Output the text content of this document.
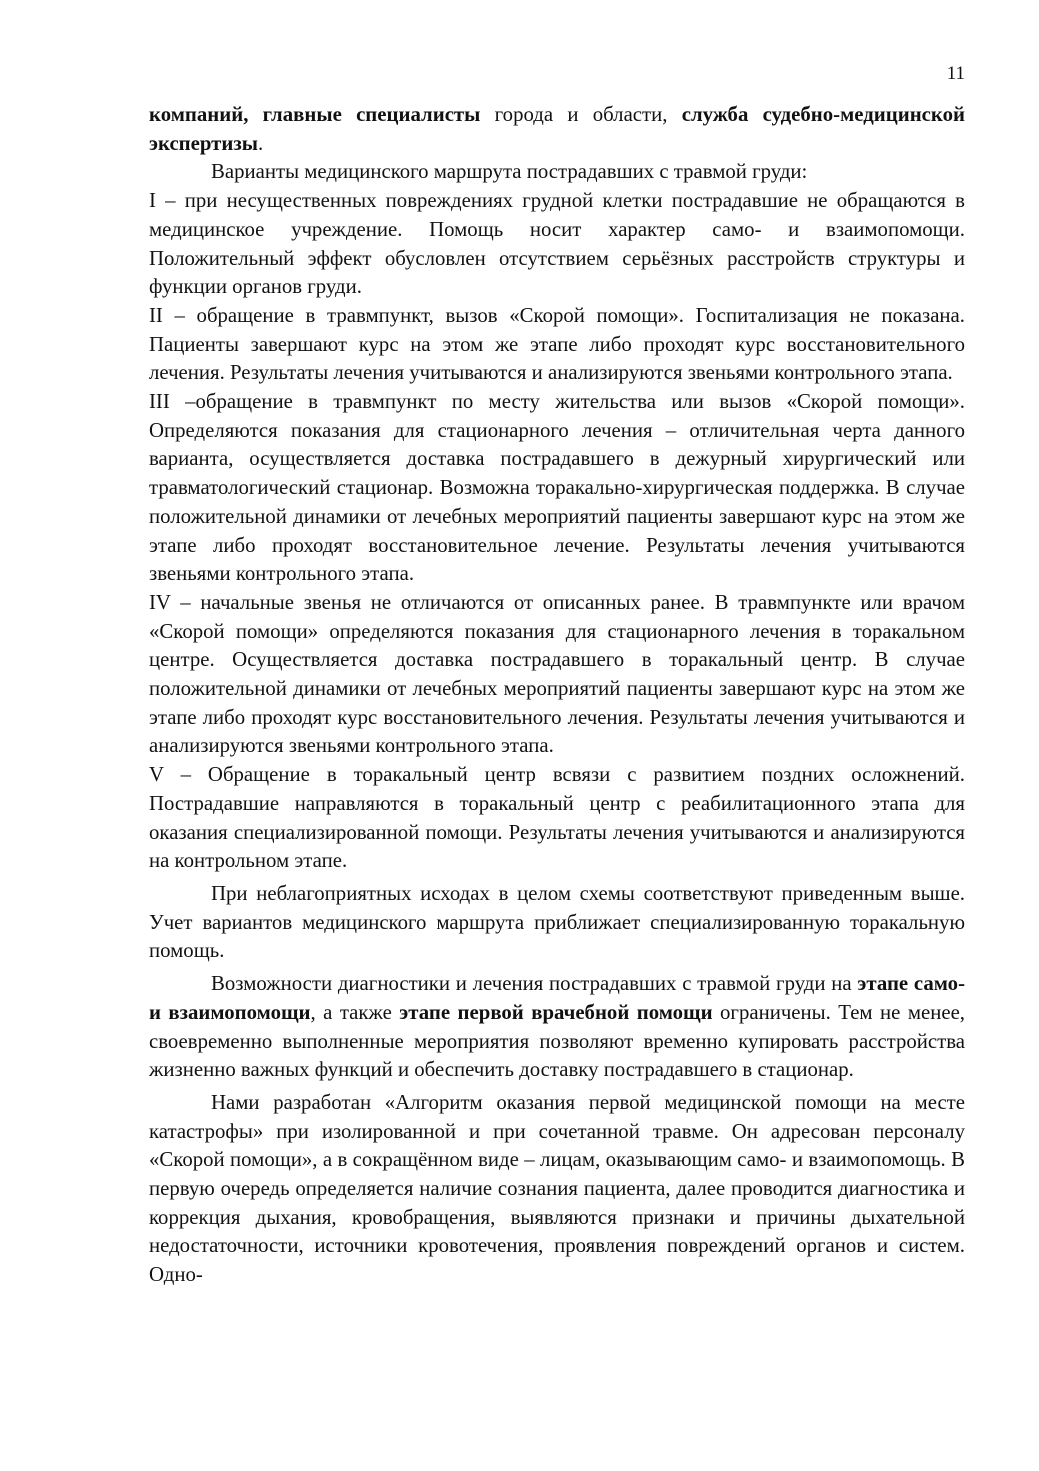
11

компаний, главные специалисты города и области, служба судебно-медицинской экспертизы.

Варианты медицинского маршрута пострадавших с травмой груди:

I – при несущественных повреждениях грудной клетки пострадавшие не обращаются в медицинское учреждение. Помощь носит характер само- и взаимопомощи. Положительный эффект обусловлен отсутствием серьёзных расстройств структуры и функции органов груди.

II – обращение в травмпункт, вызов «Скорой помощи». Госпитализация не показана. Пациенты завершают курс на этом же этапе либо проходят курс восстановительного лечения. Результаты лечения учитываются и анализируются звеньями контрольного этапа.

III –обращение в травмпункт по месту жительства или вызов «Скорой помощи». Определяются показания для стационарного лечения – отличительная черта данного варианта, осуществляется доставка пострадавшего в дежурный хирургический или травматологический стационар. Возможна торакально-хирургическая поддержка. В случае положительной динамики от лечебных мероприятий пациенты завершают курс на этом же этапе либо проходят восстановительное лечение. Результаты лечения учитываются звеньями контрольного этапа.

IV – начальные звенья не отличаются от описанных ранее. В травмпункте или врачом «Скорой помощи» определяются показания для стационарного лечения в торакальном центре. Осуществляется доставка пострадавшего в торакальный центр. В случае положительной динамики от лечебных мероприятий пациенты завершают курс на этом же этапе либо проходят курс восстановительного лечения. Результаты лечения учитываются и анализируются звеньями контрольного этапа.

V – Обращение в торакальный центр всвязи с развитием поздних осложнений. Пострадавшие направляются в торакальный центр с реабилитационного этапа для оказания специализированной помощи. Результаты лечения учитываются и анализируются на контрольном этапе.

При неблагоприятных исходах в целом схемы соответствуют приведенным выше. Учет вариантов медицинского маршрута приближает специализированную торакальную помощь.

Возможности диагностики и лечения пострадавших с травмой груди на этапе само- и взаимопомощи, а также этапе первой врачебной помощи ограничены. Тем не менее, своевременно выполненные мероприятия позволяют временно купировать расстройства жизненно важных функций и обеспечить доставку пострадавшего в стационар.

Нами разработан «Алгоритм оказания первой медицинской помощи на месте катастрофы» при изолированной и при сочетанной травме. Он адресован персоналу «Скорой помощи», а в сокращённом виде – лицам, оказывающим само- и взаимопомощь. В первую очередь определяется наличие сознания пациента, далее проводится диагностика и коррекция дыхания, кровобращения, выявляются признаки и причины дыхательной недостаточности, источники кровотечения, проявления повреждений органов и систем. Одно-
